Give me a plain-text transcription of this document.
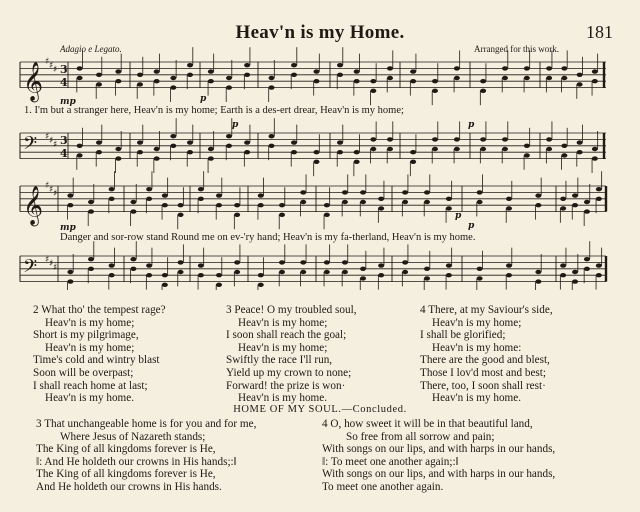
Heav'n is my Home.	181
Adagio e Legato.	Arranged for this work.
𝄞 ♯ ♯ ♯ 3
4
𝄢 ♯ ♯ ♯ 3
4
𝄞 ♯ ♯ ♯
𝄢 ♯ ♯ ♯
mp	p
p	p
mp	p
p
1. I'm but a stranger here, Heav'n is my home; Earth is a des-ert drear, Heav'n is my home;
Danger and sor-row stand Round me on ev-'ry hand; Heav'n is my fa-therland, Heav'n is my home.
2 What tho' the tempest rage?
Heav'n is my home;
Short is my pilgrimage,
Heav'n is my home;
Time's cold and wintry blast
Soon will be overpast;
I shall reach home at last;
Heav'n is my home.
3 Peace! O my troubled soul,
Heav'n is my home;
I soon shall reach the goal;
Heav'n is my home;
Swiftly the race I'll run,
Yield up my crown to none;
Forward! the prize is won·
Heav'n is my home.
4 There, at my Saviour's side,
Heav'n is my home;
I shall be glorified;
Heav'n is my home:
There are the good and blest,
Those I lov'd most and best;
There, too, I soon shall rest·
Heav'n is my home.
HOME OF MY SOUL.—Concluded.
3 That unchangeable home is for you and for me,
Where Jesus of Nazareth stands;
The King of all kingdoms forever is He,
‖: And He holdeth our crowns in His hands;:‖
The King of all kingdoms forever is He,
And He holdeth our crowns in His hands.
4 O, how sweet it will be in that beautiful land,
So free from all sorrow and pain;
With songs on our lips, and with harps in our hands,
‖: To meet one another again;:‖
With songs on our lips, and with harps in our hands,
To meet one another again.
